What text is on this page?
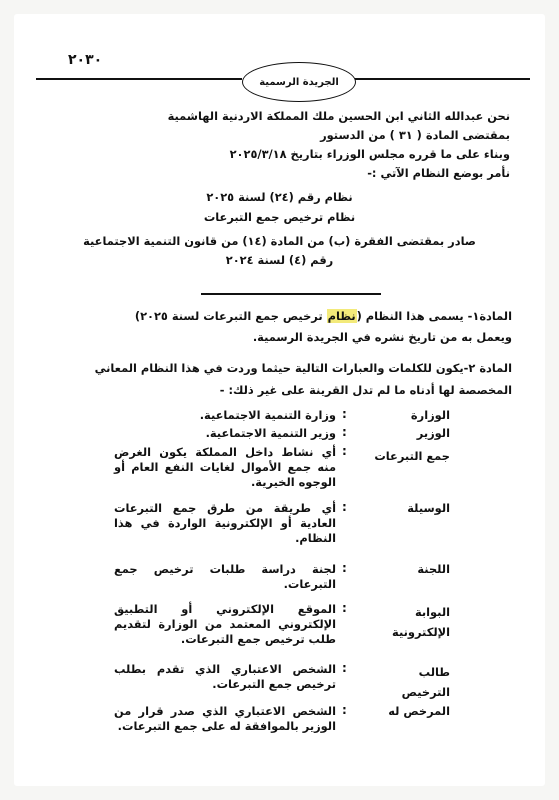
٢٠٣٠
الجريدة الرسمية
نحن عبدالله الثاني ابن الحسين ملك المملكة الاردنية الهاشمية
بمقتضى المادة ( ٣١ ) من الدستور
وبناء على ما قرره مجلس الوزراء بتاريخ ٢٠٢٥/٣/١٨
نأمر بوضع النظام الآتي :-
نظام رقم (٢٤) لسنة ٢٠٢٥
نظام ترخيص جمع التبرعات
صادر بمقتضى الفقرة (ب) من المادة (١٤) من قانون التنمية الاجتماعية
رقم (٤) لسنة ٢٠٢٤
المادة١- يسمى هذا النظام (نظام ترخيص جمع التبرعات لسنة ٢٠٢٥)
ويعمل به من تاريخ نشره في الجريدة الرسمية.
المادة ٢-يكون للكلمات والعبارات التالية حيثما وردت في هذا النظام المعاني
المخصصة لها أدناه ما لم تدل القرينة على غير ذلك: -
الوزارة
:
وزارة التنمية الاجتماعية.
الوزير
:
وزير التنمية الاجتماعية.
جمع التبرعات
:
أي نشاط داخل المملكة يكون الغرض منه جمع الأموال لغايات النفع العام أو الوجوه الخيرية.
الوسيلة
:
أي طريقة من طرق جمع التبرعات العادية أو الإلكترونية الواردة في هذا النظام.
اللجنة
:
لجنة دراسة طلبات ترخيص جمع التبرعات.
البوابة الإلكترونية
:
الموقع الإلكتروني أو التطبيق الإلكتروني المعتمد من الوزارة لتقديم طلب ترخيص جمع التبرعات.
طالب الترخيص
:
الشخص الاعتباري الذي تقدم بطلب ترخيص جمع التبرعات.
المرخص له
:
الشخص الاعتباري الذي صدر قرار من الوزير بالموافقة له على جمع التبرعات.
